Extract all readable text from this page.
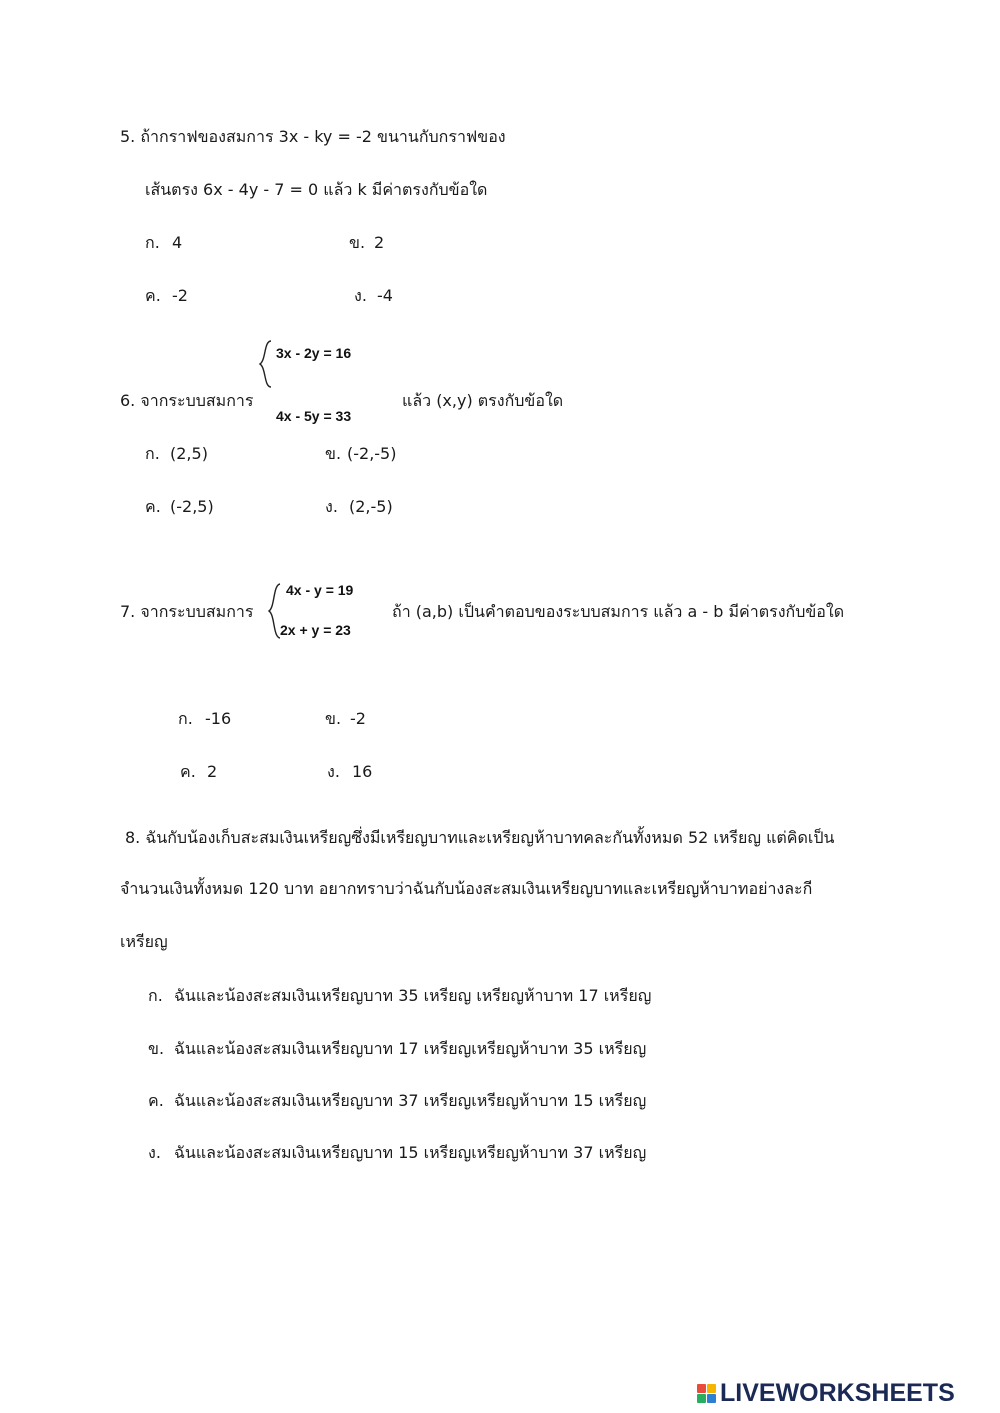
5. ถ้ากราฟของสมการ 3x - ky = -2 ขนานกับกราฟของ
เส้นตรง 6x - 4y - 7 = 0 แล้ว k มีค่าตรงกับข้อใด
ก. 4	ข. 2
ค. -2	ง. -4
3x - 2y = 16
6. จากระบบสมการ
4x - 5y = 33
แล้ว (x,y) ตรงกับข้อใด
ก. (2,5)	ข. (-2,-5)
ค. (-2,5)	ง. (2,-5)
4x - y = 19
7. จากระบบสมการ
2x + y = 23
ถ้า (a,b) เป็นคำตอบของระบบสมการ แล้ว a - b มีค่าตรงกับข้อใด
ก. -16	ข. -2
ค. 2	ง. 16
8. ฉันกับน้องเก็บสะสมเงินเหรียญซึ่งมีเหรียญบาทและเหรียญห้าบาทคละกันทั้งหมด 52 เหรียญ แต่คิดเป็น
จำนวนเงินทั้งหมด 120 บาท อยากทราบว่าฉันกับน้องสะสมเงินเหรียญบาทและเหรียญห้าบาทอย่างละกี
เหรียญ
ก. ฉันและน้องสะสมเงินเหรียญบาท 35 เหรียญ เหรียญห้าบาท 17 เหรียญ
ข. ฉันและน้องสะสมเงินเหรียญบาท 17 เหรียญเหรียญห้าบาท 35 เหรียญ
ค. ฉันและน้องสะสมเงินเหรียญบาท 37 เหรียญเหรียญห้าบาท 15 เหรียญ
ง. ฉันและน้องสะสมเงินเหรียญบาท 15 เหรียญเหรียญห้าบาท 37 เหรียญ
LIVEWORKSHEETS
